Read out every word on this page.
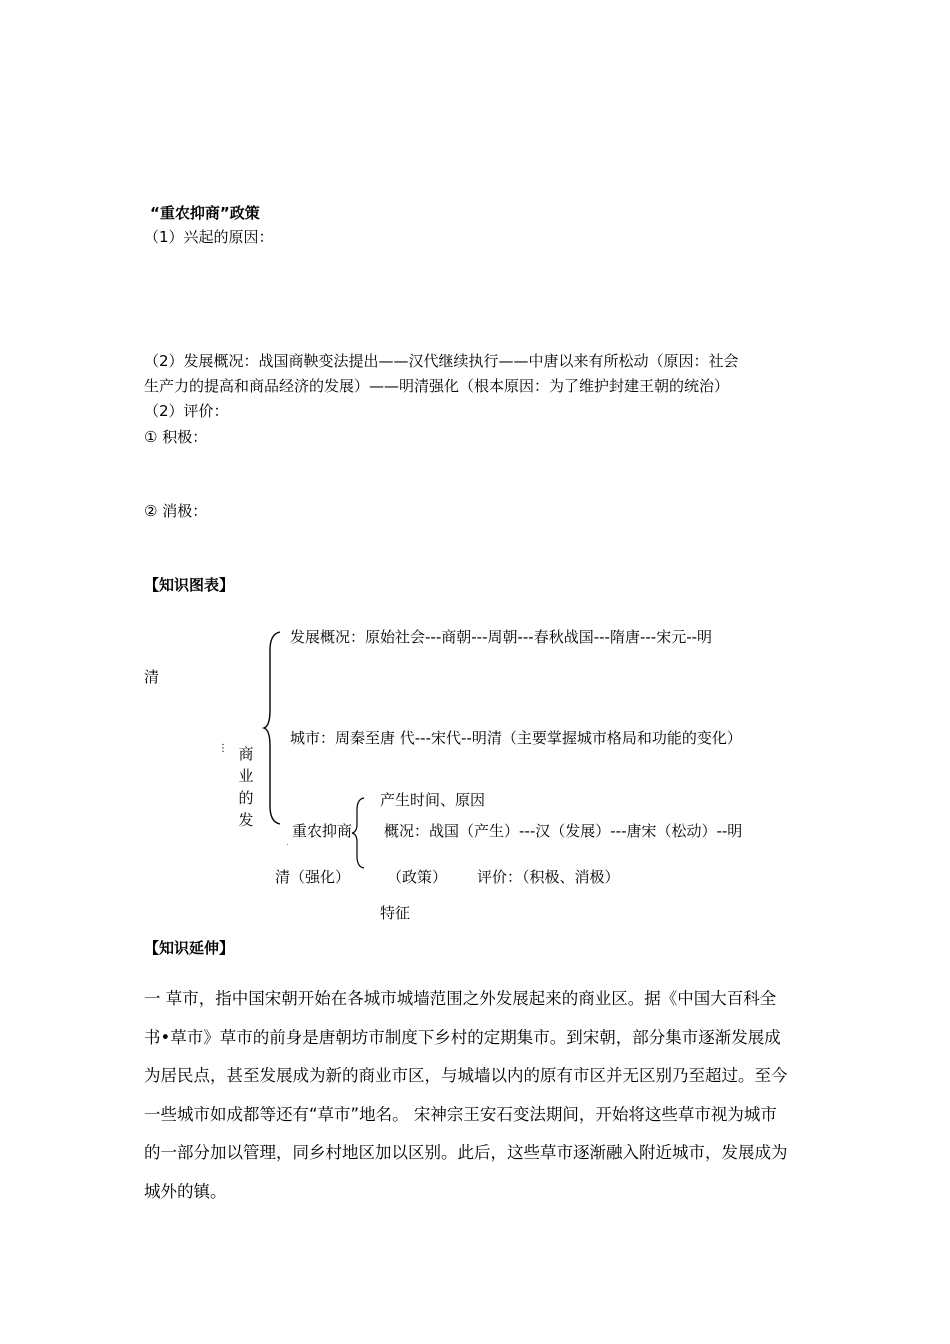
“重农抑商”政策
（1）兴起的原因：
（2）发展概况：战国商鞅变法提出——汉代继续执行——中唐以来有所松动（原因：社会
生产力的提高和商品经济的发展）——明清强化（根本原因：为了维护封建王朝的统治）
（2）评价：
① 积极：
② 消极：
【知识图表】
发展概况：原始社会---商朝---周朝---春秋战国---隋唐---宋元--明
清
城市：周秦至唐 代---宋代--明清（主要掌握城市格局和功能的变化）
⋮ 商
业
的
发
产生时间、原因
.
重农抑商 概况：战国（产生）---汉（发展）---唐宋（松动）--明
清（强化） （政策） 评价：（积极、消极）
特征
【知识延伸】
一 草市，指中国宋朝开始在各城市城墙范围之外发展起来的商业区。据《中国大百科全
书•草市》草市的前身是唐朝坊市制度下乡村的定期集市。到宋朝，部分集市逐渐发展成
为居民点，甚至发展成为新的商业市区，与城墙以内的原有市区并无区别乃至超过。至今
一些城市如成都等还有“草市”地名。 宋神宗王安石变法期间，开始将这些草市视为城市
的一部分加以管理，同乡村地区加以区别。此后，这些草市逐渐融入附近城市，发展成为
城外的镇。
